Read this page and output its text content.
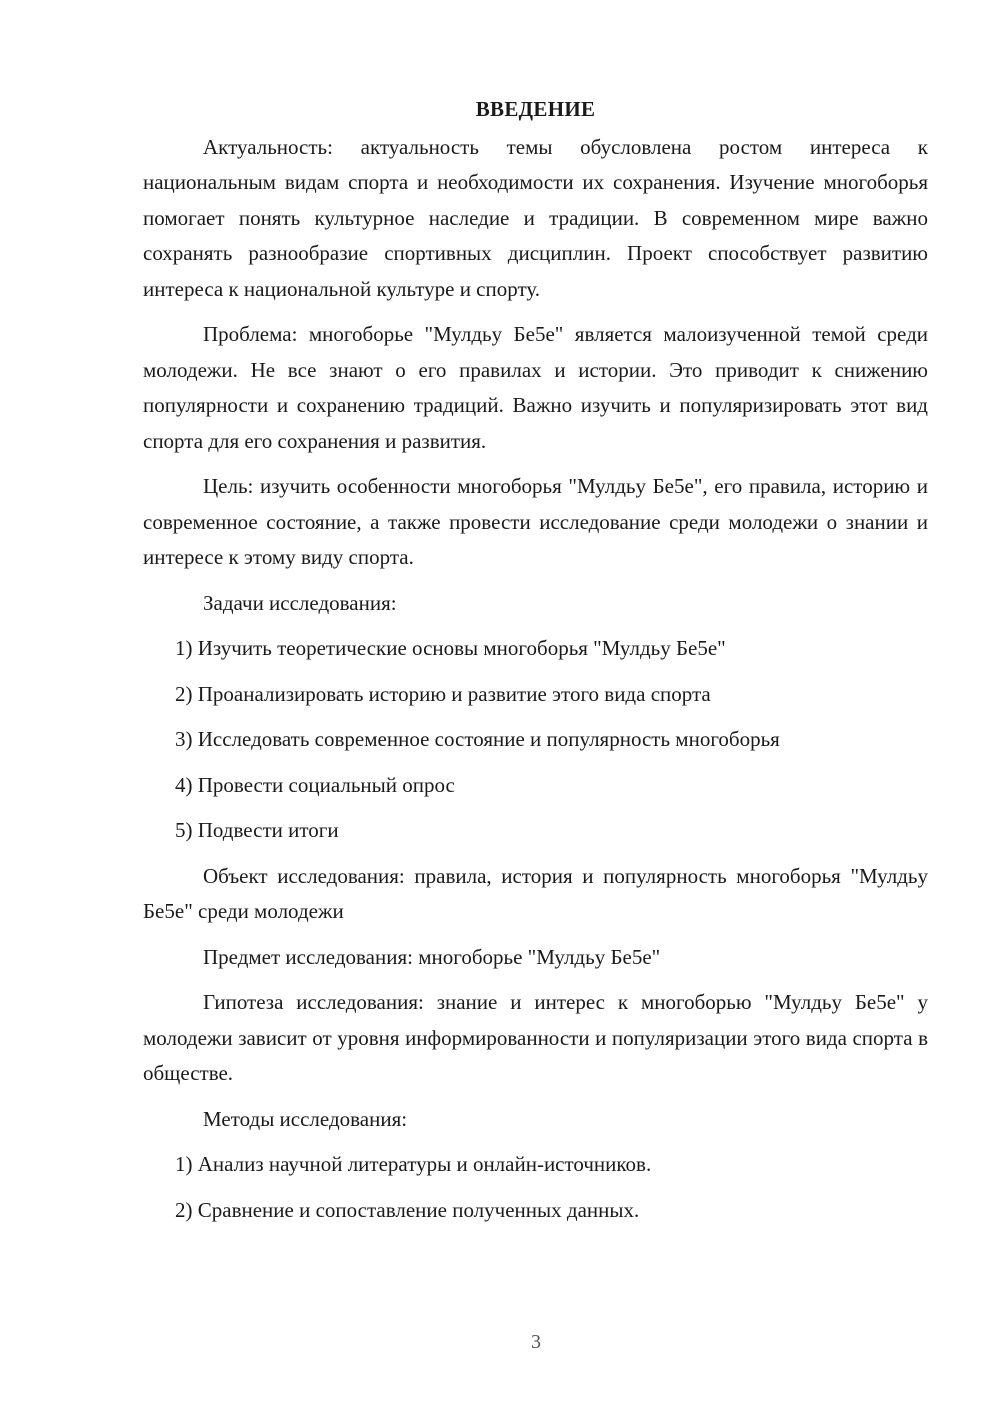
ВВЕДЕНИЕ

Актуальность: актуальность темы обусловлена ростом интереса к национальным видам спорта и необходимости их сохранения. Изучение многоборья помогает понять культурное наследие и традиции. В современном мире важно сохранять разнообразие спортивных дисциплин. Проект способствует развитию интереса к национальной культуре и спорту.

Проблема: многоборье "Мулдьу Бе5е" является малоизученной темой среди молодежи. Не все знают о его правилах и истории. Это приводит к снижению популярности и сохранению традиций. Важно изучить и популяризировать этот вид спорта для его сохранения и развития.

Цель: изучить особенности многоборья "Мулдьу Бе5е", его правила, историю и современное состояние, а также провести исследование среди молодежи о знании и интересе к этому виду спорта.

Задачи исследования:

1) Изучить теоретические основы многоборья "Мулдьу Бе5е"
2) Проанализировать историю и развитие этого вида спорта
3) Исследовать современное состояние и популярность многоборья
4) Провести социальный опрос
5) Подвести итоги

Объект исследования: правила, история и популярность многоборья "Мулдьу Бе5е" среди молодежи

Предмет исследования: многоборье "Мулдьу Бе5е"

Гипотеза исследования: знание и интерес к многоборью "Мулдьу Бе5е" у молодежи зависит от уровня информированности и популяризации этого вида спорта в обществе.

Методы исследования:

1) Анализ научной литературы и онлайн-источников.
2) Сравнение и сопоставление полученных данных.
3
